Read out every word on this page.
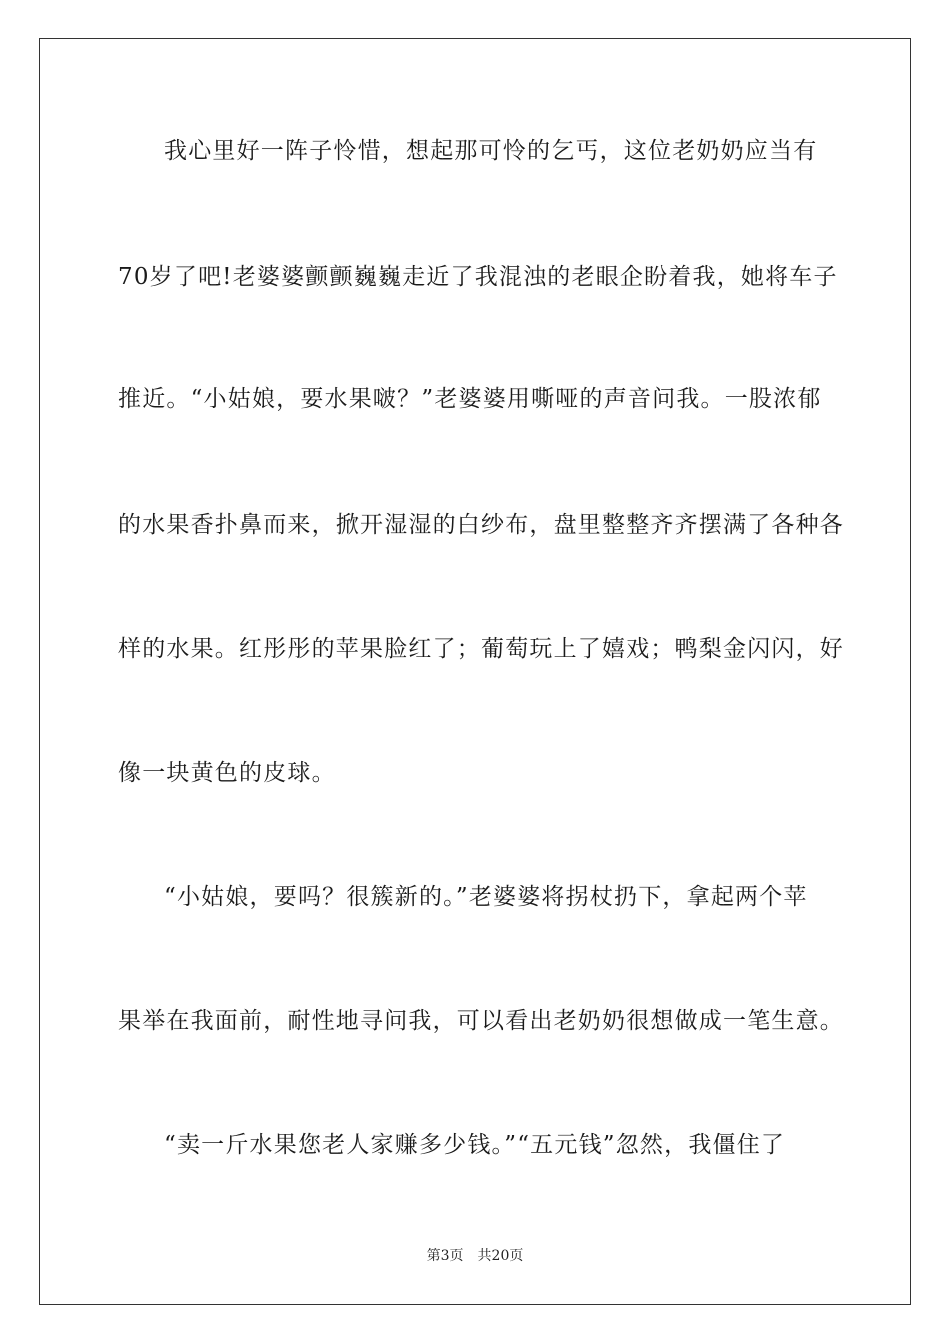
我心里好一阵子怜惜，想起那可怜的乞丐，这位老奶奶应当有
70岁了吧!老婆婆颤颤巍巍走近了我混浊的老眼企盼着我，她将车子
推近。“小姑娘，要水果啵？”老婆婆用嘶哑的声音问我。一股浓郁
的水果香扑鼻而来，掀开湿湿的白纱布，盘里整整齐齐摆满了各种各
样的水果。红彤彤的苹果脸红了；葡萄玩上了嬉戏；鸭梨金闪闪，好
像一块黄色的皮球。
“小姑娘，要吗？很簇新的。”老婆婆将拐杖扔下，拿起两个苹
果举在我面前，耐性地寻问我，可以看出老奶奶很想做成一笔生意。
“卖一斤水果您老人家赚多少钱。”“五元钱”忽然，我僵住了
第3页 共20页
